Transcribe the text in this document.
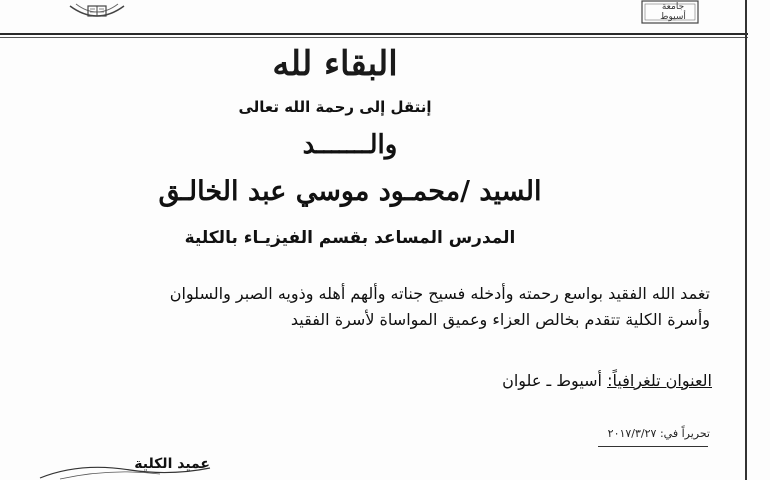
جامعة أسيوط
البقاء لله
إنتقل إلى رحمة الله تعالى
والـــــــد
السيد /محمـود موسي عبد الخالـق
المدرس المساعد بقسم الفيزيـاء بالكلية
تغمد الله الفقيد بواسع رحمته وأدخله فسيح جناته وألهم أهله وذويه الصبر والسلوان
وأسرة الكلية تتقدم بخالص العزاء وعميق المواساة لأسرة الفقيد
العنوان تلغرافياً: أسيوط ـ علوان
تحريراً في: ٢٠١٧/٣/٢٧
عميد الكلية
